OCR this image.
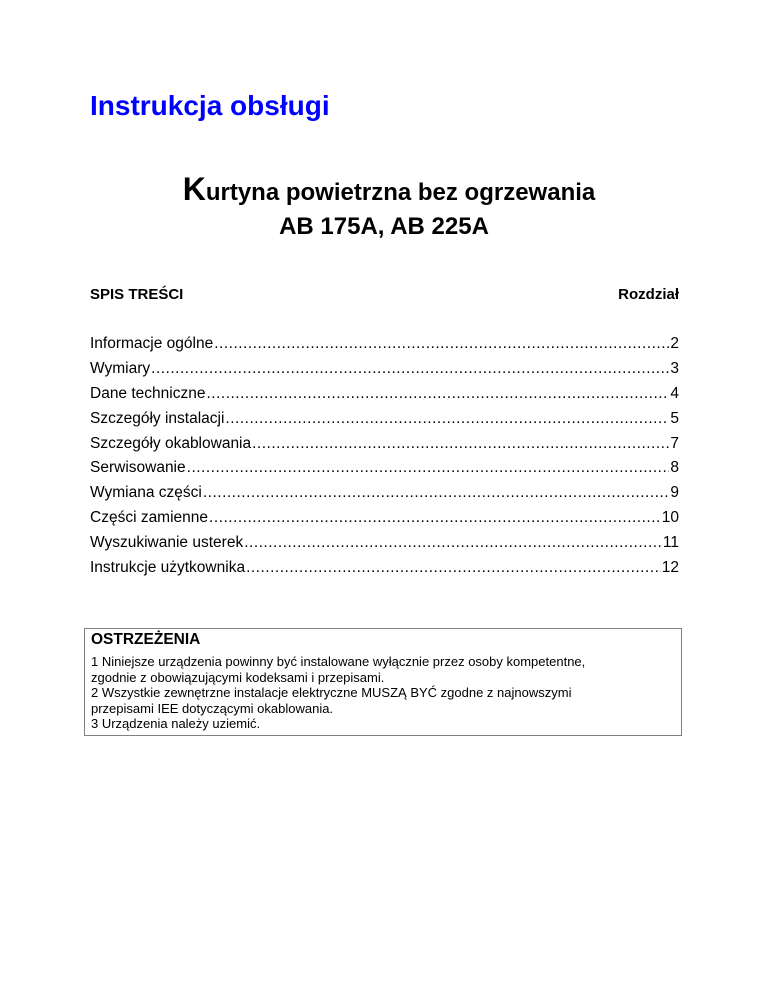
Instrukcja obsługi
Kurtyna powietrzna bez ogrzewania
AB 175A, AB 225A
SPIS TREŚCI	Rozdział
Informacje ogólne .....	2
Wymiary .....	3
Dane techniczne .....	4
Szczegóły instalacji .....	5
Szczegóły okablowania .....	7
Serwisowanie .....	8
Wymiana części .....	9
Części zamienne .....	10
Wyszukiwanie usterek .....	11
Instrukcje użytkownika .....	12

OSTRZEŻENIA

1 Niniejsze urządzenia powinny być instalowane wyłącznie przez osoby kompetentne,

zgodnie z obowiązującymi kodeksami i przepisami.

2 Wszystkie zewnętrzne instalacje elektryczne MUSZĄ BYĆ zgodne z najnowszymi

przepisami IEE dotyczącymi okablowania.

3 Urządzenia należy uziemić.
